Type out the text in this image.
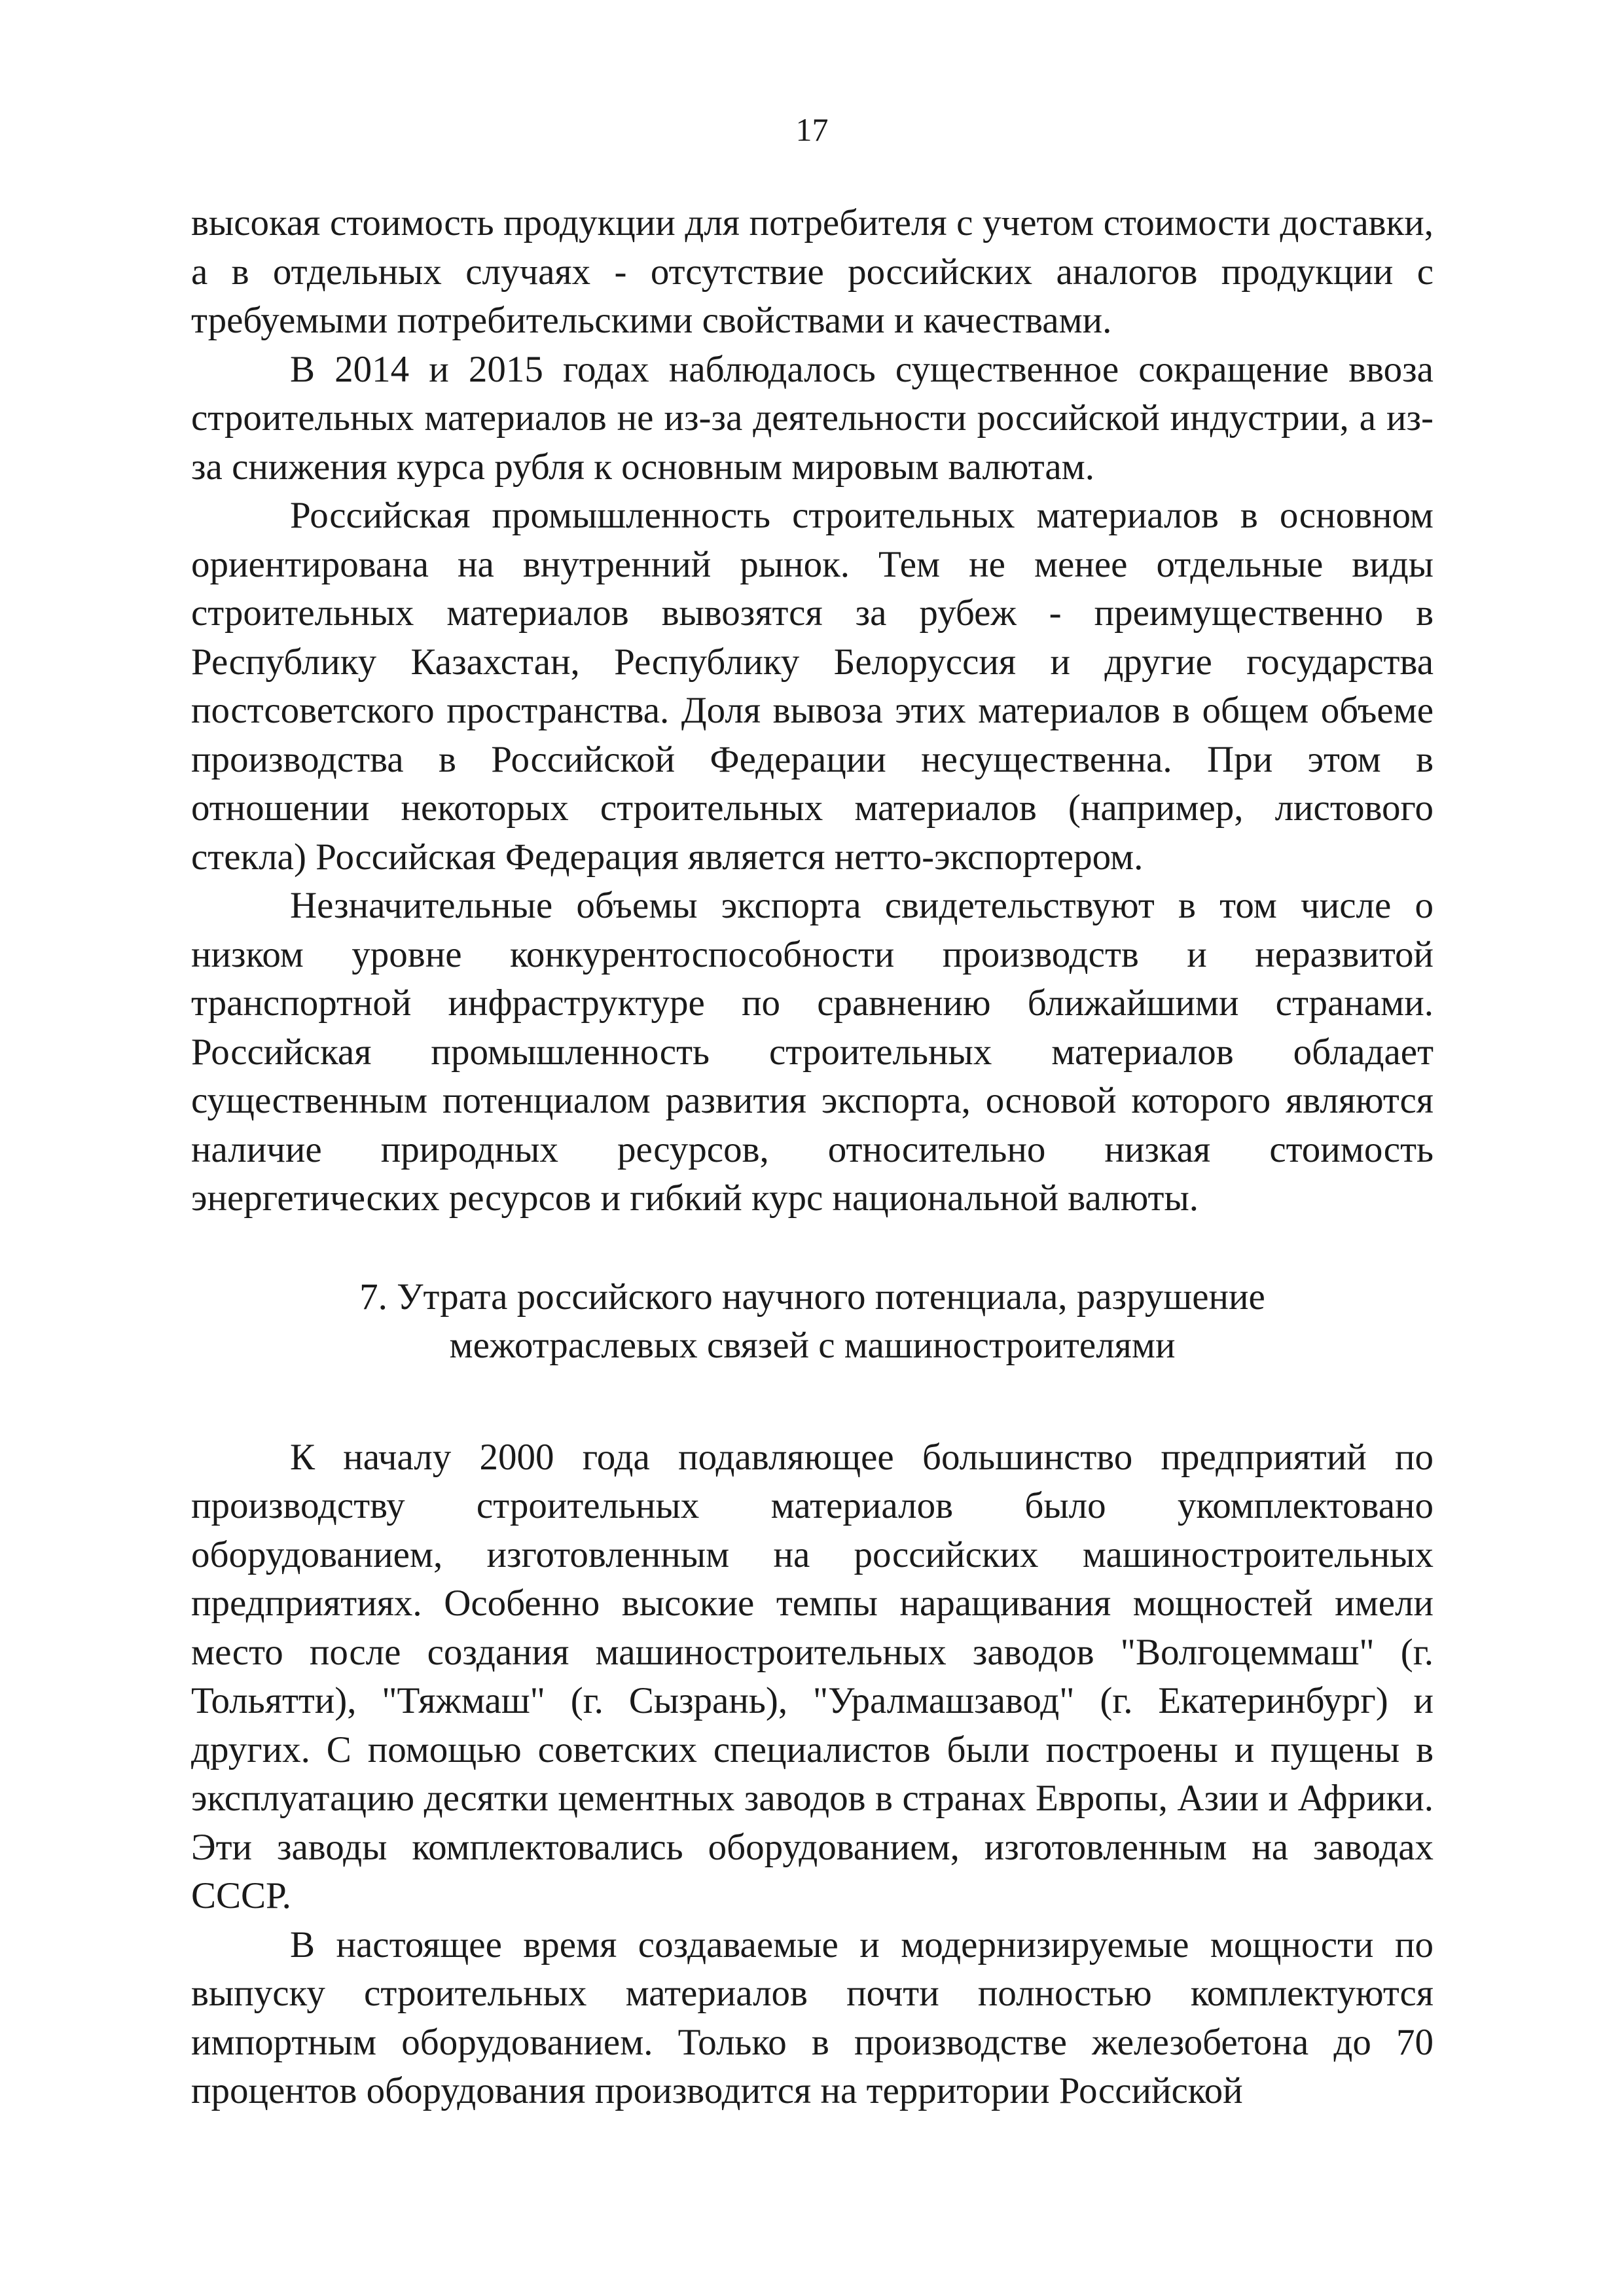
17

высокая стоимость продукции для потребителя с учетом стоимости доставки, а в отдельных случаях - отсутствие российских аналогов продукции с требуемыми потребительскими свойствами и качествами.

В 2014 и 2015 годах наблюдалось существенное сокращение ввоза строительных материалов не из-за деятельности российской индустрии, а из-за снижения курса рубля к основным мировым валютам.

Российская промышленность строительных материалов в основном ориентирована на внутренний рынок. Тем не менее отдельные виды строительных материалов вывозятся за рубеж - преимущественно в Республику Казахстан, Республику Белоруссия и другие государства постсоветского пространства. Доля вывоза этих материалов в общем объеме производства в Российской Федерации несущественна. При этом в отношении некоторых строительных материалов (например, листового стекла) Российская Федерация является нетто-экспортером.

Незначительные объемы экспорта свидетельствуют в том числе о низком уровне конкурентоспособности производств и неразвитой транспортной инфраструктуре по сравнению ближайшими странами. Российская промышленность строительных материалов обладает существенным потенциалом развития экспорта, основой которого являются наличие природных ресурсов, относительно низкая стоимость энергетических ресурсов и гибкий курс национальной валюты.

7. Утрата российского научного потенциала, разрушение
межотраслевых связей с машиностроителями

К началу 2000 года подавляющее большинство предприятий по производству строительных материалов было укомплектовано оборудованием, изготовленным на российских машиностроительных предприятиях. Особенно высокие темпы наращивания мощностей имели место после создания машиностроительных заводов "Волгоцеммаш" (г. Тольятти), "Тяжмаш" (г. Сызрань), "Уралмашзавод" (г. Екатеринбург) и других. С помощью советских специалистов были построены и пущены в эксплуатацию десятки цементных заводов в странах Европы, Азии и Африки. Эти заводы комплектовались оборудованием, изготовленным на заводах СССР.

В настоящее время создаваемые и модернизируемые мощности по выпуску строительных материалов почти полностью комплектуются импортным оборудованием. Только в производстве железобетона до 70 процентов оборудования производится на территории Российской
